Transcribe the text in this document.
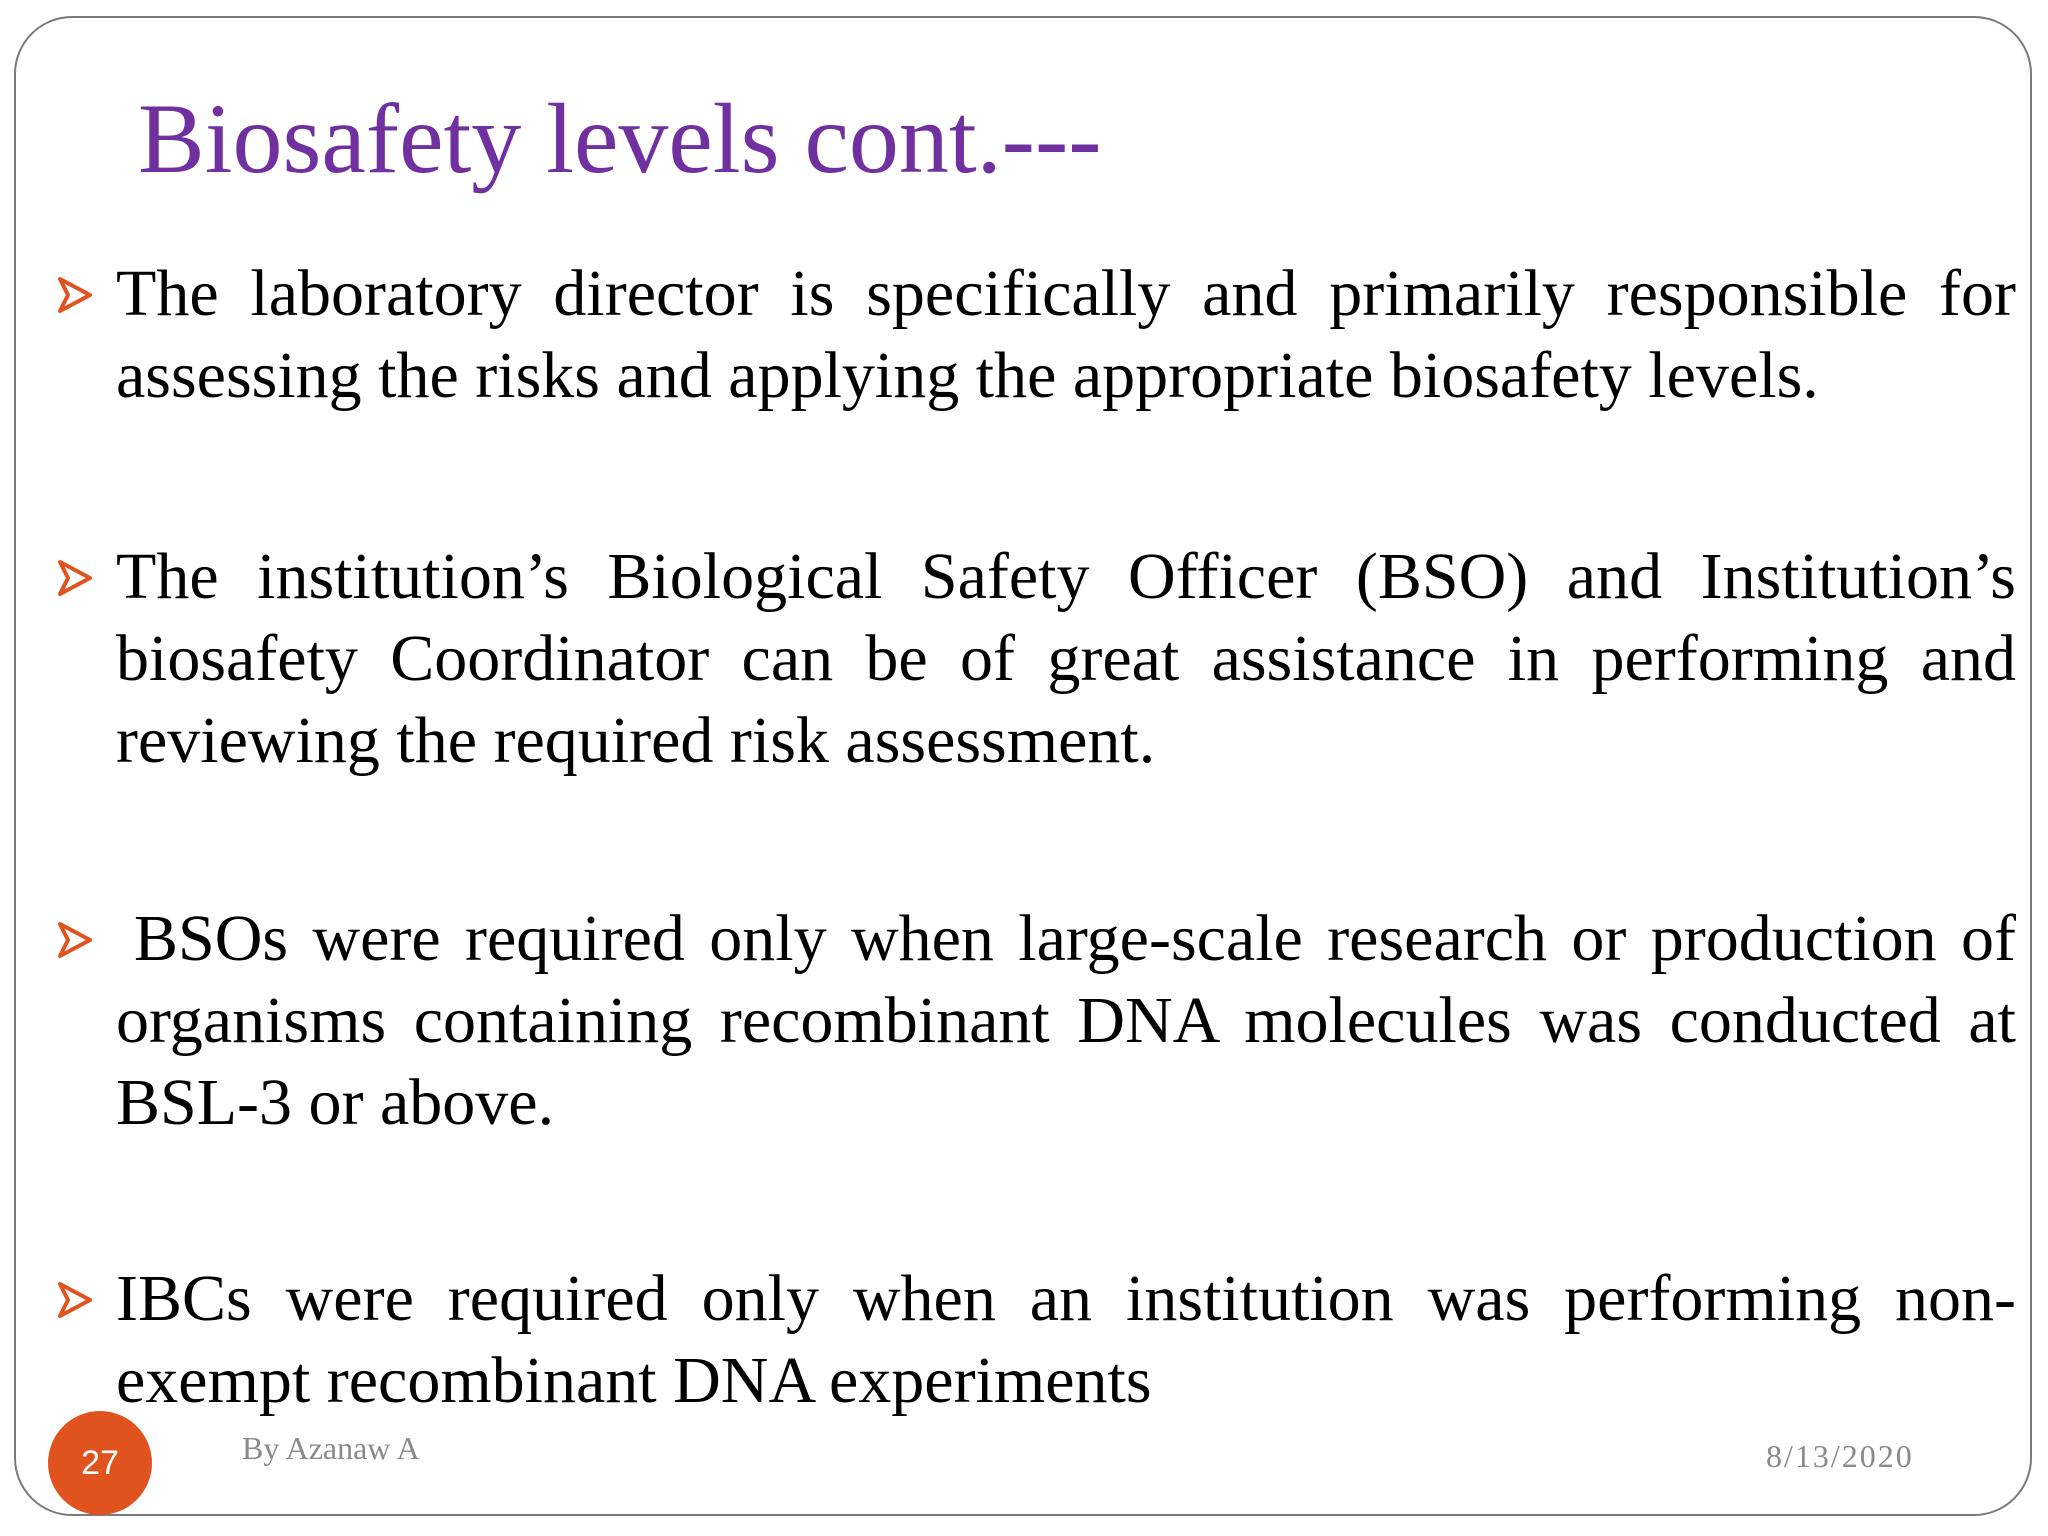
Biosafety levels cont.---

The laboratory director is specifically and primarily responsible for assessing the risks and applying the appropriate biosafety levels.

The institution’s Biological Safety Officer (BSO) and Institution’s biosafety Coordinator can be of great assistance in performing and reviewing the required risk assessment.

BSOs were required only when large-scale research or production of organisms containing recombinant DNA molecules was conducted at BSL-3 or above.

IBCs were required only when an institution was performing non-exempt recombinant DNA experiments

27	By Azanaw A	8/13/2020
